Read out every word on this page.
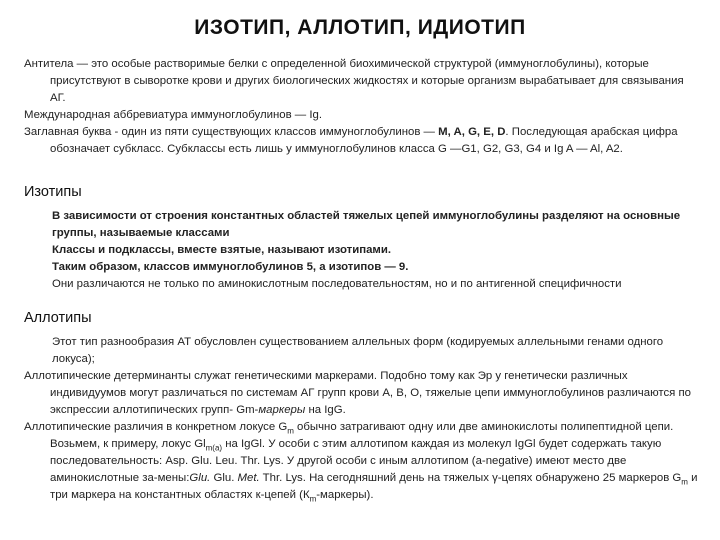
ИЗОТИП, АЛЛОТИП, ИДИОТИП

Антитела — это особые растворимые белки с определенной биохимической структурой (иммуноглобулины), которые присутствуют в сыворотке крови и других биологических жидкостях и которые организм вырабатывает для связывания АГ.

Международная аббревиатура иммуноглобулинов — Ig.

Заглавная буква - один из пяти существующих классов иммуноглобулинов — M, A, G, E, D. Последующая арабская цифра обозначает субкласс. Субклассы есть лишь у иммуноглобулинов класса G —G1, G2, G3, G4 и Ig A — Al, A2.

Изотипы

В зависимости от строения константных областей тяжелых цепей иммуноглобулины разделяют на основные группы, называемые классами

Классы и подклассы, вместе взятые, называют изотипами.

Таким образом, классов иммуноглобулинов 5, а изотипов — 9.

Они различаются не только по аминокислотным последовательностям, но и по антигенной специфичности

Аллотипы

Этот тип разнообразия АТ обусловлен существованием аллельных форм (кодируемых аллельными генами одного локуса);

Аллотипические детерминанты служат генетическими маркерами. Подобно тому как Эр у генетически различных индивидуумов могут различаться по системам АГ групп крови А, В, О, тяжелые цепи иммуноглобулинов различаются по экспрессии аллотипических групп- Gm-маркеры на IgG.

Аллотипические различия в конкретном локусе $G_m$ обычно затрагивают одну или две аминокислоты полипептидной цепи. Возьмем, к примеру, локус $Gl_{m(a)}$ на IgGl. У особи с этим аллотипом каждая из молекул IgGl будет содержать такую последовательность: Asp. Glu. Leu. Thr. Lys. У другой особи с иным аллотипом (a-negative) имеют место две аминокислотные за-мены:Glu. Glu. Met. Thr. Lys. На сегодняшний день на тяжелых γ-цепях обнаружено 25 маркеров $G_m$ и три маркера на константных областях к-цепей $(К_m-маркеры)$.
